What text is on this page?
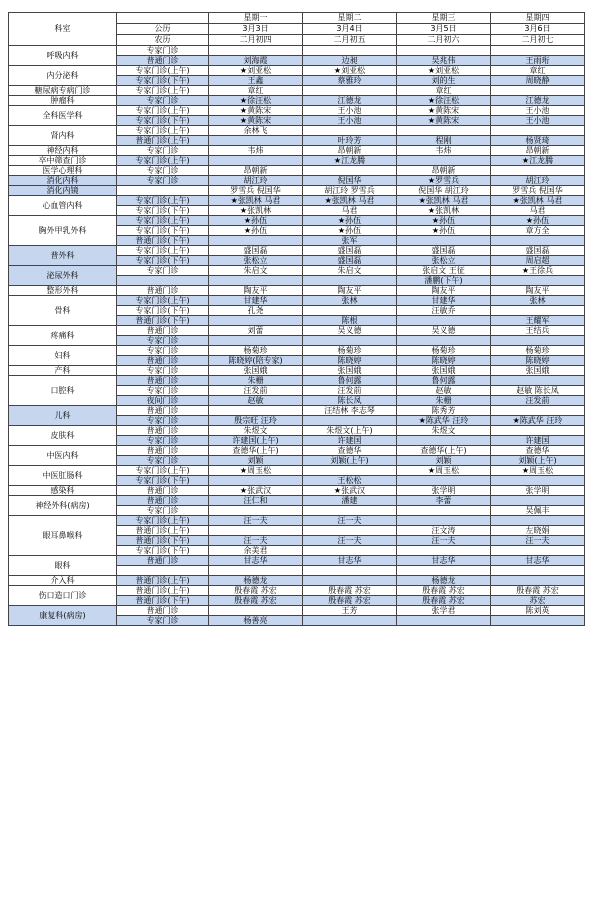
科室		星期一	星期二	星期三	星期四
	公历	3月3日	3月4日	3月5日	3月6日
	农历	二月初四	二月初五	二月初六	二月初七
呼吸内科	专家门诊				
	普通门诊	刘海霞	边昶	吴兆伟	王雨珩
内分泌科	专家门诊(上午)	★刘亚松	★刘亚松	★刘亚松	章红
	专家门诊(下午)	王鑫	蔡雅玲	刘的生	周晓静
糖尿病专病门诊	专家门诊(上午)	章红		章红	
肿瘤科	专家门诊	★徐汪松	江德龙	★徐汪松	江德龙
全科医学科	专家门诊(上午)	★黄陈宋	王小池	★黄陈宋	王小池
	专家门诊(下午)	★黄陈宋	王小池	★黄陈宋	王小池
肾内科	专家门诊(上午)	余林飞			
	普通门诊(上午)		叶玲芳	程刚	杨贤琦
神经内科	专家门诊	韦炜	昂朝新	韦炜	昂朝新
卒中筛查门诊	专家门诊(上午)		★江龙腾		★江龙腾
医学心理科	专家门诊	昂朝新		昂朝新	
消化内科	专家门诊	胡江玲	倪国华	★罗雪兵	胡江玲
消化内镜		罗雪兵 倪国华	胡江玲 罗雪兵	倪国华 胡江玲	罗雪兵 倪国华
心血管内科	专家门诊(上午)	★张凯林 马君	★张凯林 马君	★张凯林 马君	★张凯林 马君
	专家门诊(下午)	★张凯林	马君	★张凯林	马君
胸外甲乳外科	专家门诊(上午)	★孙伍	★孙伍	★孙伍	★孙伍
	专家门诊(下午)	★孙伍	★孙伍	★孙伍	章方全
	普通门诊(下午)		张军		
普外科	专家门诊(上午)	盛国磊	盛国磊	盛国磊	盛国磊
	专家门诊(下午)	张松立	盛国磊	张松立	周启超
泌尿外科	专家门诊	朱启文	朱启文	张启文 王征	★王徐兵
				潘鹏(下午)	
整形外科	普通门诊	陶友平	陶友平	陶友平	陶友平
骨科	专家门诊(上午)	甘建华	张林	甘建华	张林
	专家门诊(下午)	孔尧		汪敏乔	
	普通门诊(下午)		陈根		王耀军
疼痛科	普通门诊	刘蕾	吴义德	吴义德	王结兵
	专家门诊				
妇科	专家门诊	杨菊珍	杨菊珍	杨菊珍	杨菊珍
	普通门诊	陈晓婷(陪专家)	陈晓婷	陈晓婷	陈晓婷
产科	专家门诊	张国娥	张国娥	张国娥	张国娥
口腔科	普通门诊	朱栅	鲁何露	鲁何露	
	专家门诊	汪发前	汪发前	赵敏	赵敏 陈长凤
	夜间门诊	赵敏	陈长凤	朱栅	汪发前
儿科	普通门诊		汪结林 李志琴	陈秀芳	
	专家门诊	殷宗旺 汪玲		★陈武华 汪玲	★陈武华 汪玲
皮肤科	普通门诊	朱煜文	朱煜文(上午)	朱煜文	
	专家门诊	许建国(上午)	许建国		许建国
中医内科	普通门诊	查德华(上午)	查德华	查德华(上午)	查德华
	专家门诊	刘颖	刘颖(上午)	刘颖	刘颖(上午)
中医肛肠科	专家门诊(上午)	★周玉松		★周玉松	★周玉松
	专家门诊(下午)		王松松		
感染科	普通门诊	★张武汉	★张武汉	张学明	张学明
神经外科(病房)	普通门诊	汪仁和	潘建	李蕾	
	专家门诊				吴佩丰
眼耳鼻喉科	专家门诊(上午)	汪一夫	汪一夫		
	普通门诊(上午)			汪文涛	左晓娟
	普通门诊(下午)	汪一夫	汪一夫	汪一夫	汪一夫
	专家门诊(下午)	余美君			
眼科	普通门诊	甘志华	甘志华	甘志华	甘志华

介入科	普通门诊(上午)	杨德龙		杨德龙	
伤口造口门诊	普通门诊(上午)	殷春霞 苏宏	殷春霞 苏宏	殷春霞 苏宏	殷春霞 苏宏
	普通门诊(下午)	殷春霞 苏宏	殷春霞 苏宏	殷春霞 苏宏	苏宏
康复科(病房)	普通门诊		王芳	张学君	陈刘英
	专家门诊	杨善亮			
